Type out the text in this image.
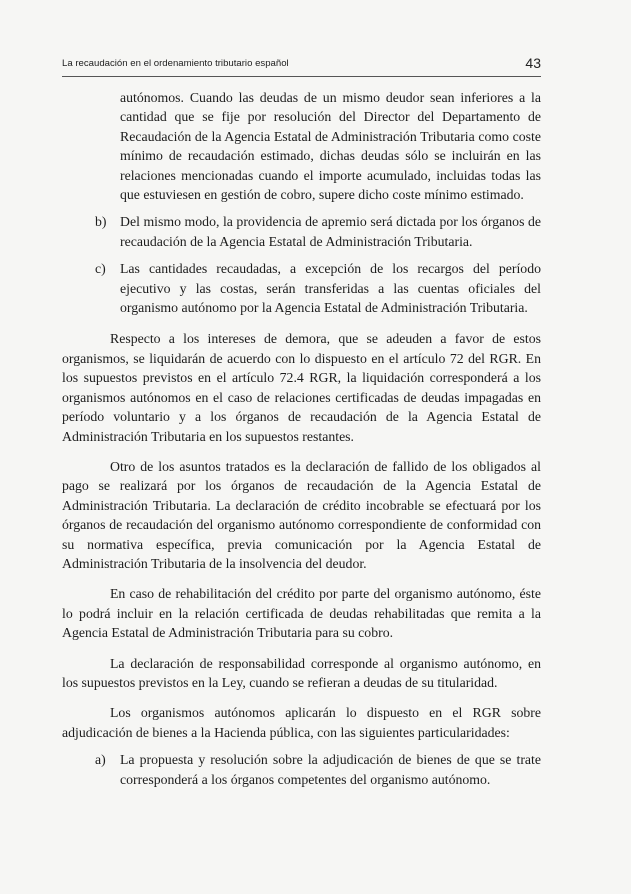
La recaudación en el ordenamiento tributario español	43

autónomos. Cuando las deudas de un mismo deudor sean inferiores a la cantidad que se fije por resolución del Director del Departamento de Recaudación de la Agencia Estatal de Administración Tributaria como coste mínimo de recaudación estimado, dichas deudas sólo se incluirán en las relaciones mencionadas cuando el importe acumulado, incluidas todas las que estuviesen en gestión de cobro, supere dicho coste mínimo estimado.

b) Del mismo modo, la providencia de apremio será dictada por los órganos de recaudación de la Agencia Estatal de Administración Tributaria.

c) Las cantidades recaudadas, a excepción de los recargos del período ejecutivo y las costas, serán transferidas a las cuentas oficiales del organismo autónomo por la Agencia Estatal de Administración Tributaria.

Respecto a los intereses de demora, que se adeuden a favor de estos organismos, se liquidarán de acuerdo con lo dispuesto en el artículo 72 del RGR. En los supuestos previstos en el artículo 72.4 RGR, la liquidación corresponderá a los organismos autónomos en el caso de relaciones certificadas de deudas impagadas en período voluntario y a los órganos de recaudación de la Agencia Estatal de Administración Tributaria en los supuestos restantes.

Otro de los asuntos tratados es la declaración de fallido de los obligados al pago se realizará por los órganos de recaudación de la Agencia Estatal de Administración Tributaria. La declaración de crédito incobrable se efectuará por los órganos de recaudación del organismo autónomo correspondiente de conformidad con su normativa específica, previa comunicación por la Agencia Estatal de Administración Tributaria de la insolvencia del deudor.

En caso de rehabilitación del crédito por parte del organismo autónomo, éste lo podrá incluir en la relación certificada de deudas rehabilitadas que remita a la Agencia Estatal de Administración Tributaria para su cobro.

La declaración de responsabilidad corresponde al organismo autónomo, en los supuestos previstos en la Ley, cuando se refieran a deudas de su titularidad.

Los organismos autónomos aplicarán lo dispuesto en el RGR sobre adjudicación de bienes a la Hacienda pública, con las siguientes particularidades:

a) La propuesta y resolución sobre la adjudicación de bienes de que se trate corresponderá a los órganos competentes del organismo autónomo.
